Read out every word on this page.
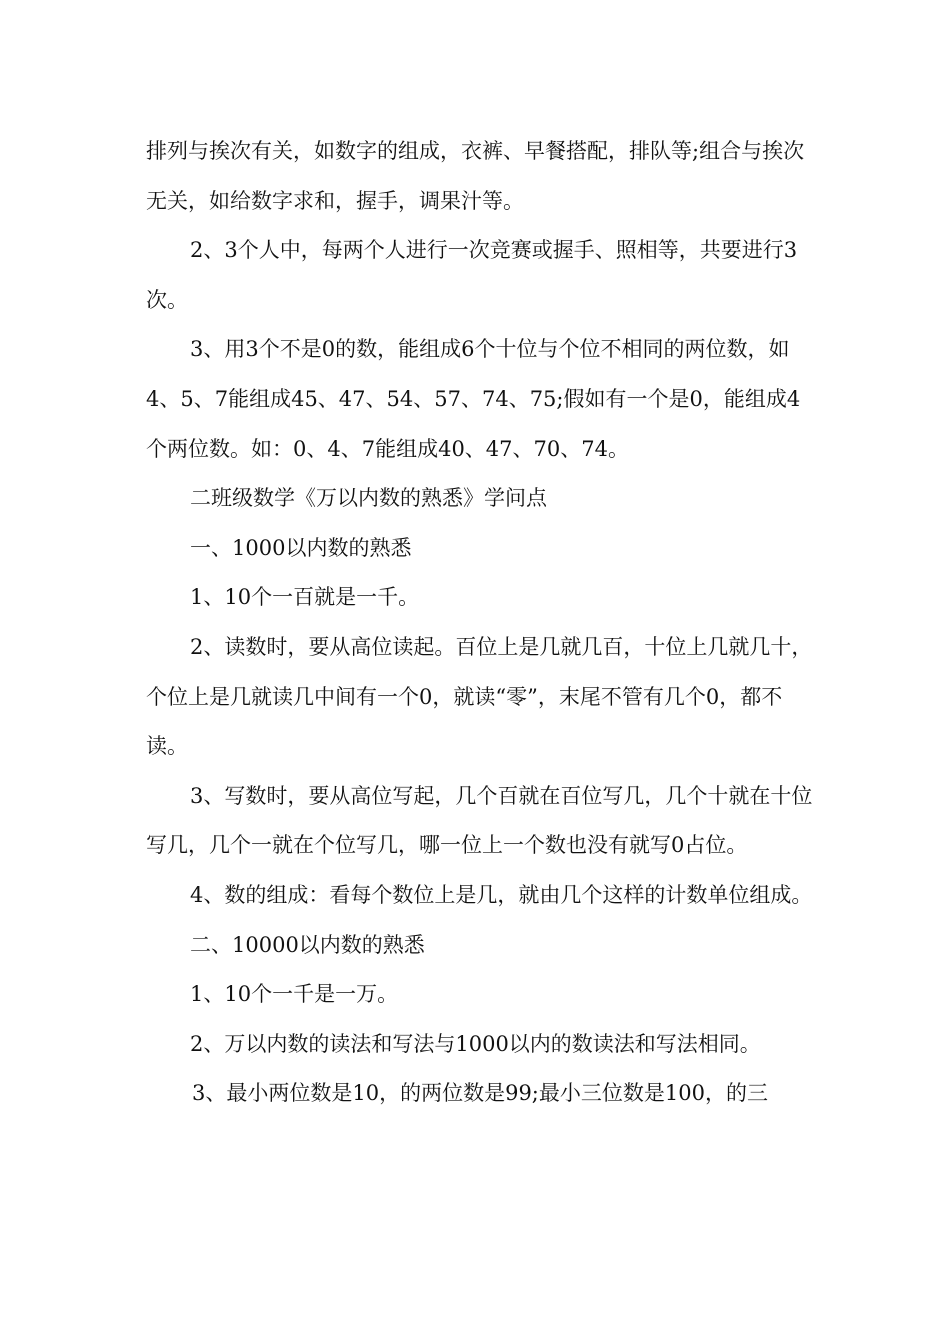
排列与挨次有关，如数字的组成，衣裤、早餐搭配，排队等;组合与挨次无关，如给数字求和，握手，调果汁等。

2、3个人中，每两个人进行一次竞赛或握手、照相等，共要进行3次。

3、用3个不是0的数，能组成6个十位与个位不相同的两位数，如4、5、7能组成45、47、54、57、74、75;假如有一个是0，能组成4个两位数。如：0、4、7能组成40、47、70、74。

二班级数学《万以内数的熟悉》学问点

一、1000以内数的熟悉

1、10个一百就是一千。

2、读数时，要从高位读起。百位上是几就几百，十位上几就几十，个位上是几就读几中间有一个0，就读“零”，末尾不管有几个0，都不读。

3、写数时，要从高位写起，几个百就在百位写几，几个十就在十位写几，几个一就在个位写几，哪一位上一个数也没有就写0占位。

4、数的组成：看每个数位上是几，就由几个这样的计数单位组成。

二、10000以内数的熟悉

1、10个一千是一万。

2、万以内数的读法和写法与1000以内的数读法和写法相同。

3、最小两位数是10，的两位数是99;最小三位数是100，的三
